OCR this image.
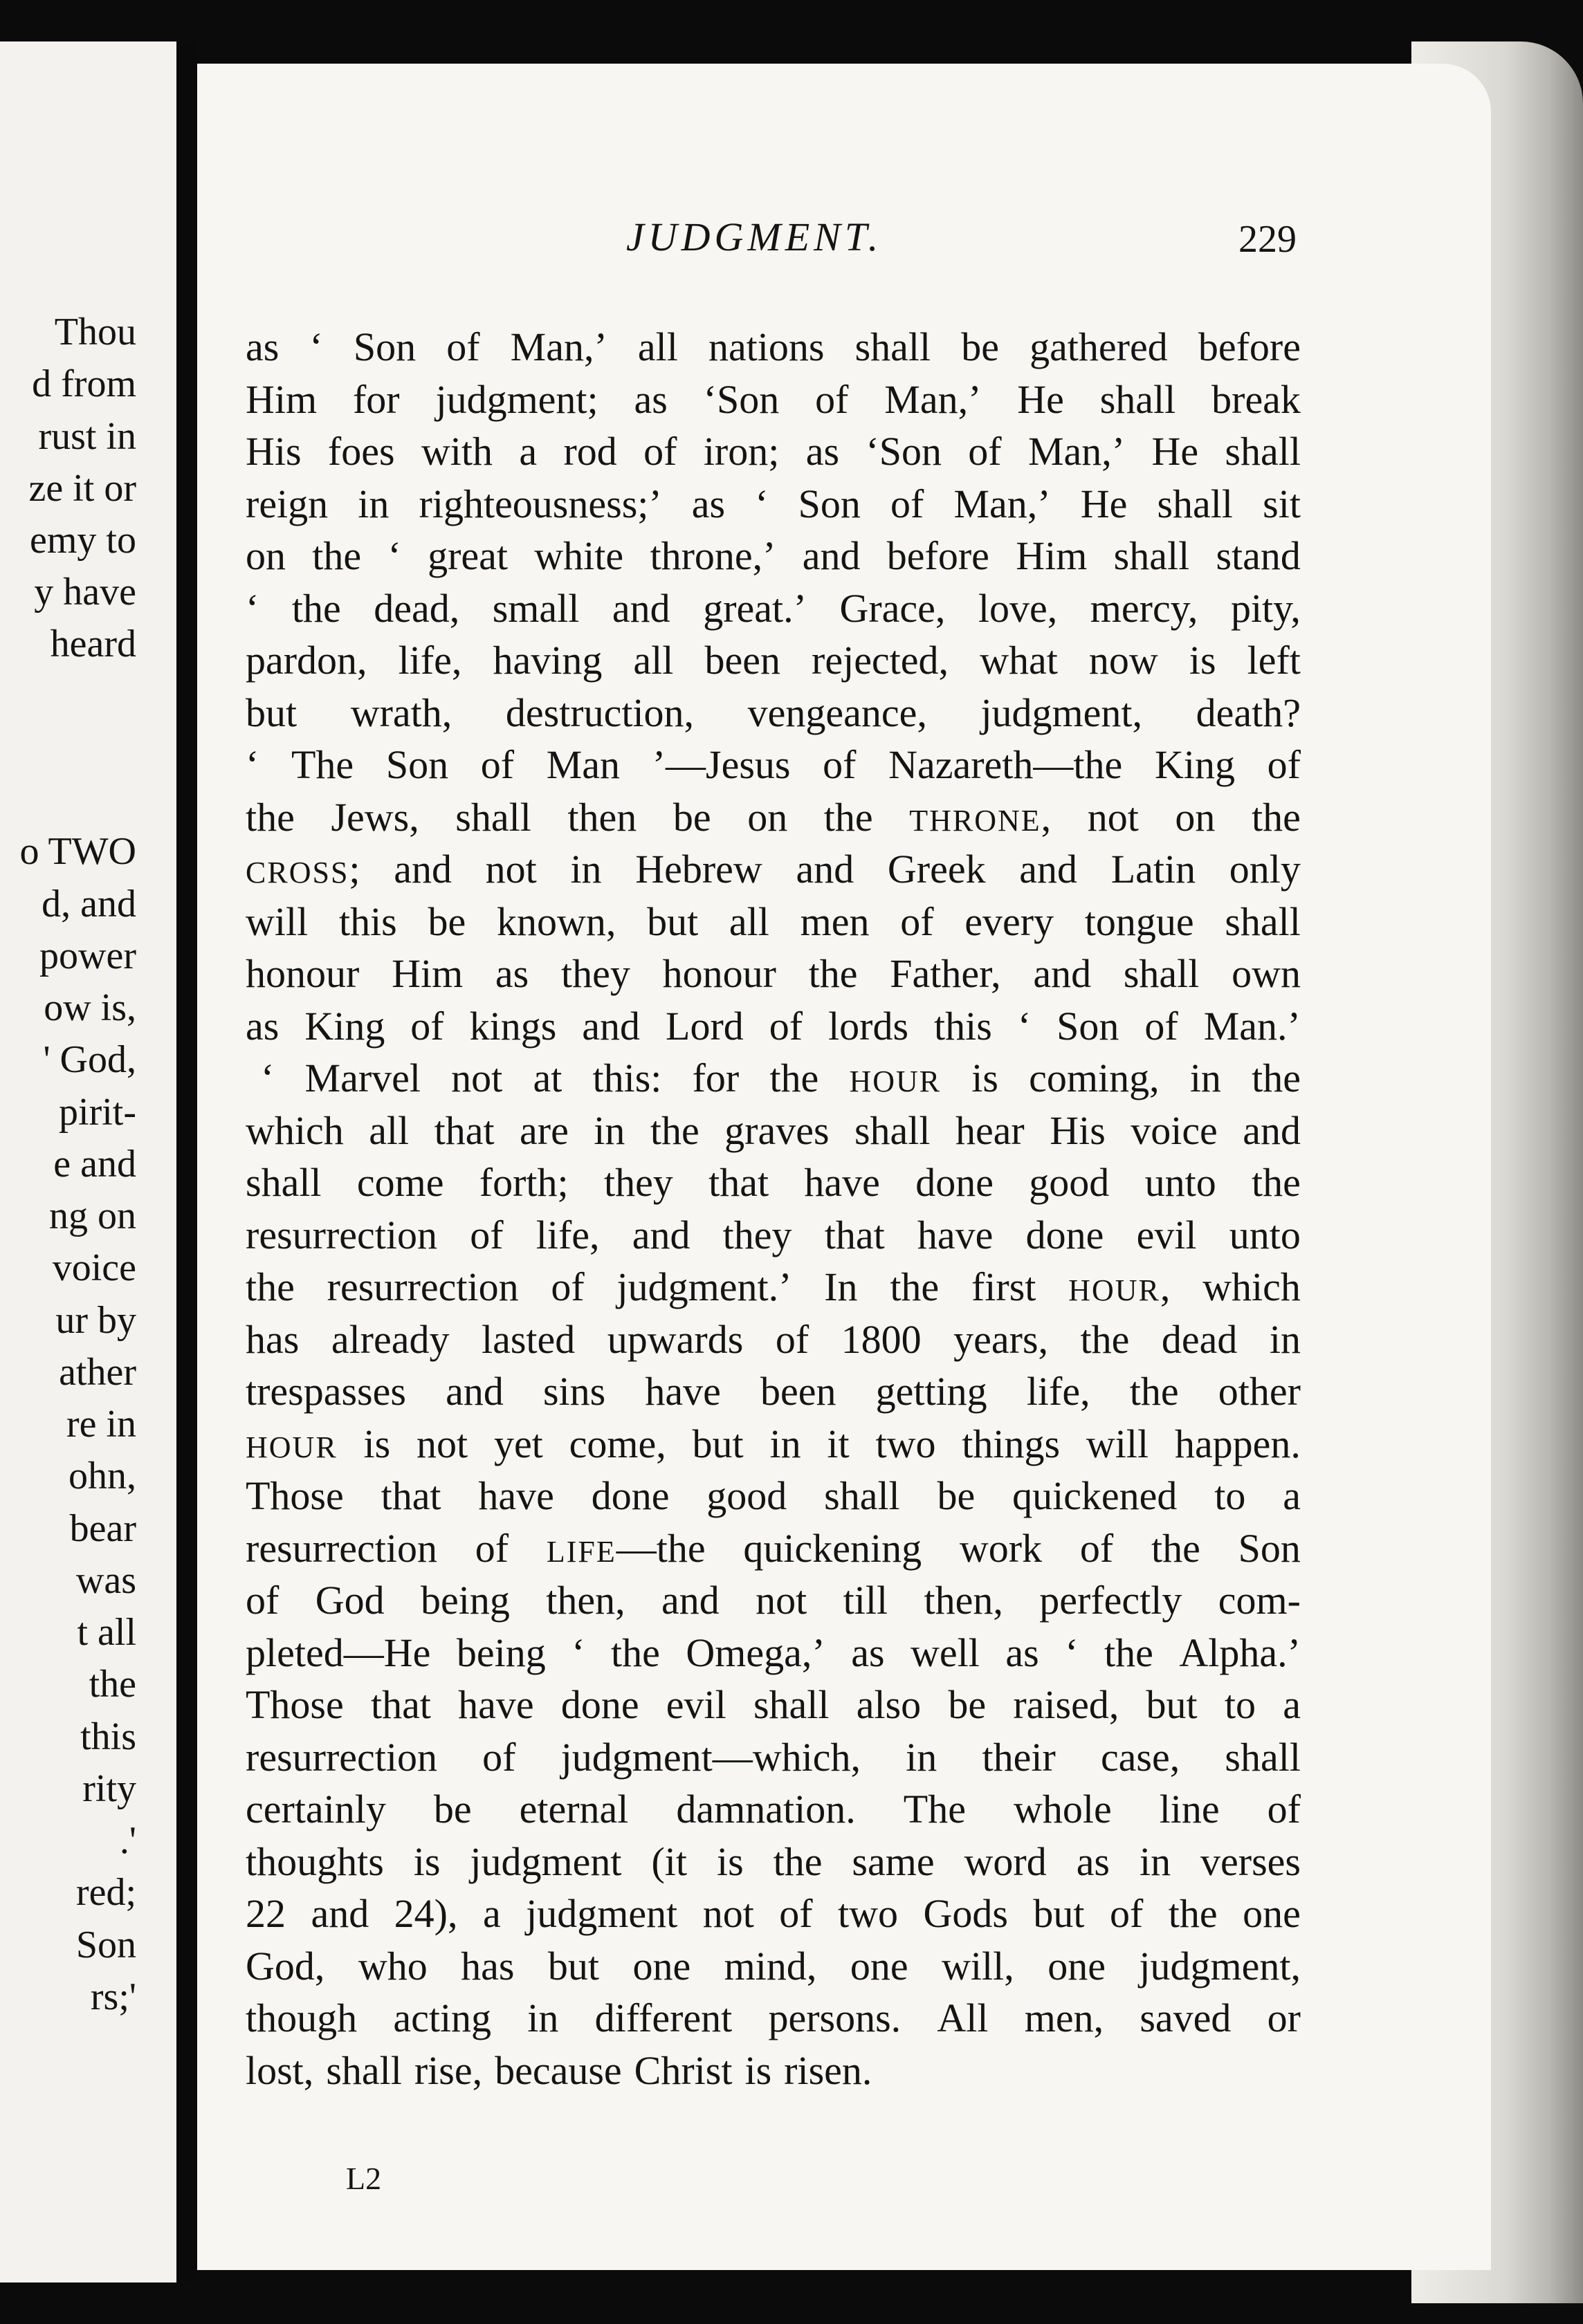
Thou
d from
rust in
ze it or
emy to
y have
heard
o TWO
d, and
power
ow is,
' God,
pirit-
e and
ng on
voice
ur by
ather
re in
ohn,
bear
was
t all
the
this
rity
.'
red;
Son
rs;'
JUDGMENT.	229
as ‘ Son of Man,’ all nations shall be gathered before
Him for judgment; as ‘Son of Man,’ He shall break
His foes with a rod of iron; as ‘Son of Man,’ He shall
reign in righteousness;’ as ‘ Son of Man,’ He shall sit
on the ‘ great white throne,’ and before Him shall stand
‘ the dead, small and great.’ Grace, love, mercy, pity,
pardon, life, having all been rejected, what now is left
but wrath, destruction, vengeance, judgment, death?
‘ The Son of Man ’—Jesus of Nazareth—the King of
the Jews, shall then be on the THRONE, not on the
CROSS; and not in Hebrew and Greek and Latin only
will this be known, but all men of every tongue shall
honour Him as they honour the Father, and shall own
as King of kings and Lord of lords this ‘ Son of Man.’
‘ Marvel not at this: for the HOUR is coming, in the
which all that are in the graves shall hear His voice and
shall come forth; they that have done good unto the
resurrection of life, and they that have done evil unto
the resurrection of judgment.’ In the first HOUR, which
has already lasted upwards of 1800 years, the dead in
trespasses and sins have been getting life, the other
HOUR is not yet come, but in it two things will happen.
Those that have done good shall be quickened to a
resurrection of LIFE—the quickening work of the Son
of God being then, and not till then, perfectly com-
pleted—He being ‘ the Omega,’ as well as ‘ the Alpha.’
Those that have done evil shall also be raised, but to a
resurrection of judgment—which, in their case, shall
certainly be eternal damnation. The whole line of
thoughts is judgment (it is the same word as in verses
22 and 24), a judgment not of two Gods but of the one
God, who has but one mind, one will, one judgment,
though acting in different persons. All men, saved or
lost, shall rise, because Christ is risen.
L2
